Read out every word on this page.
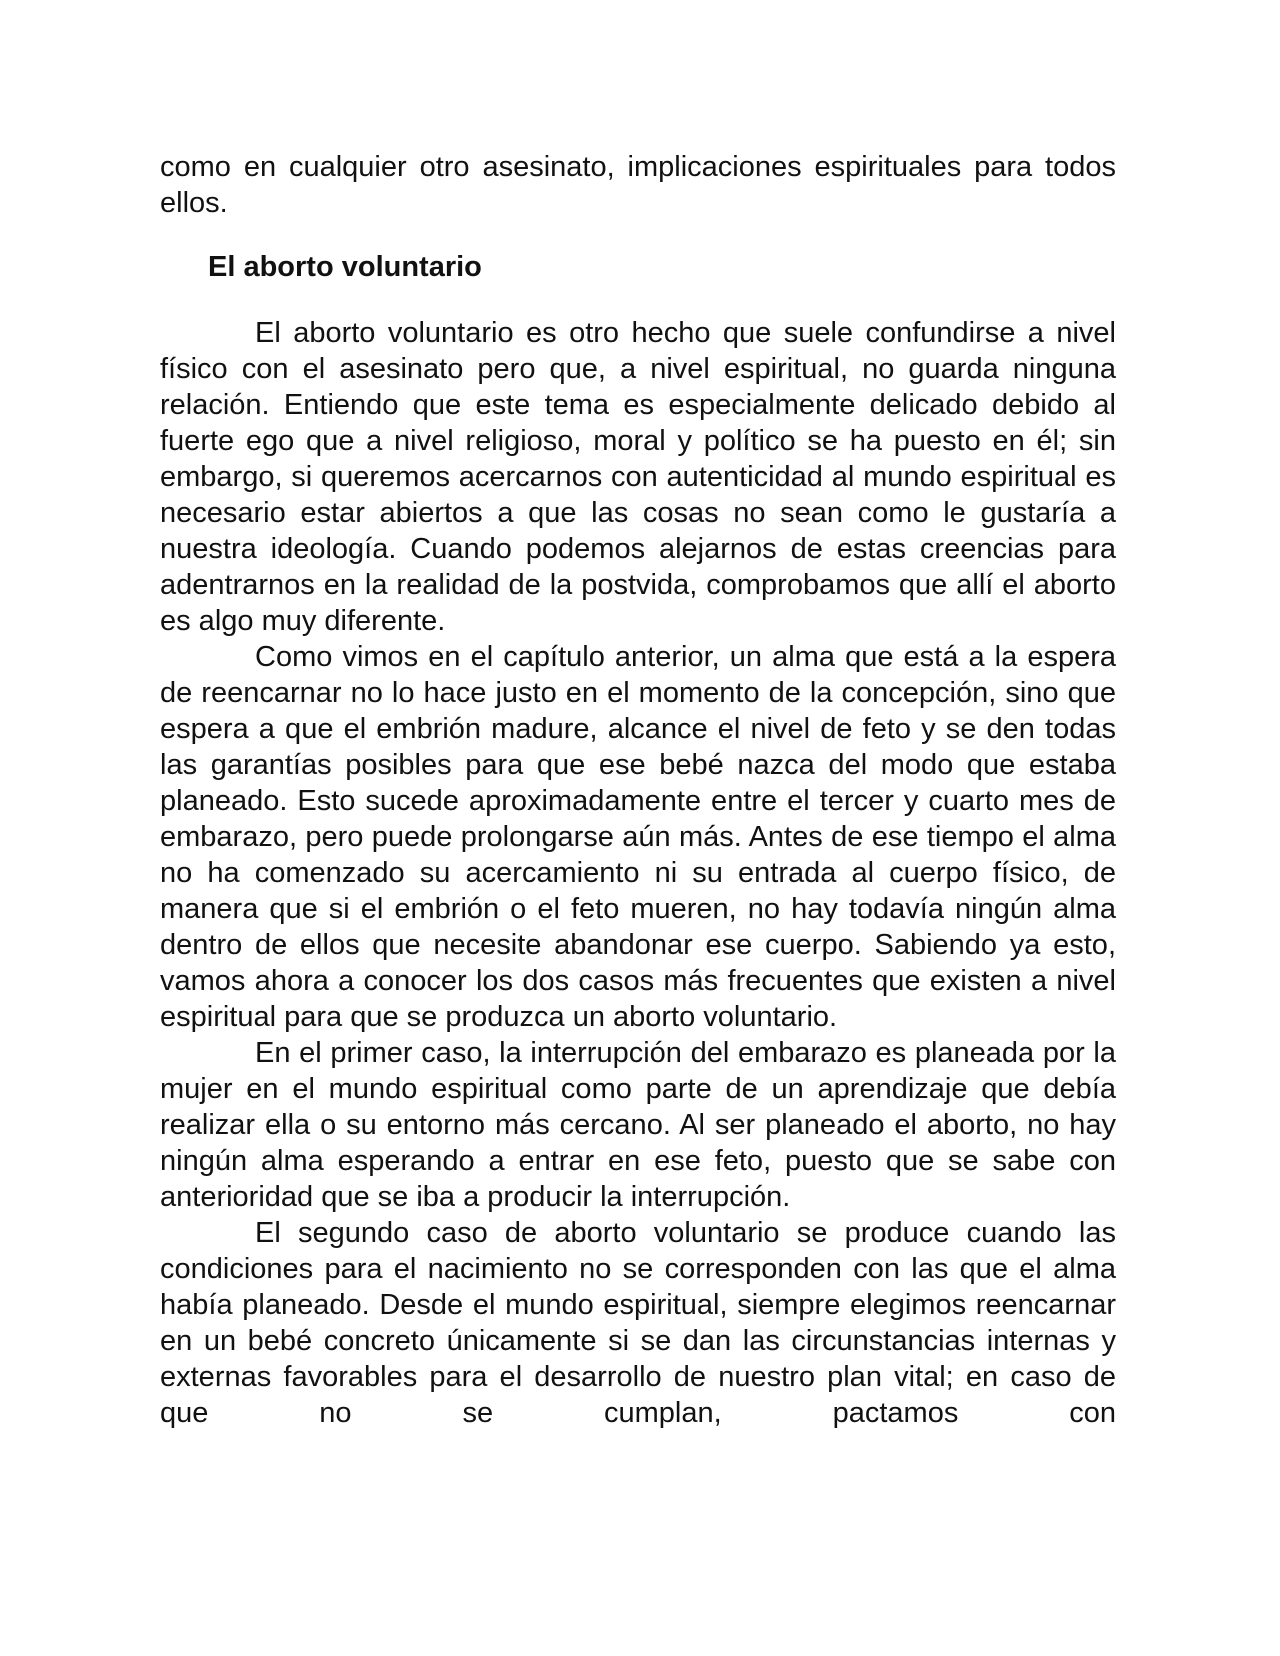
como en cualquier otro asesinato, implicaciones espirituales para todos ellos.

El aborto voluntario

El aborto voluntario es otro hecho que suele confundirse a nivel físico con el asesinato pero que, a nivel espiritual, no guarda ninguna relación. Entiendo que este tema es especialmente delicado debido al fuerte ego que a nivel religioso, moral y político se ha puesto en él; sin embargo, si queremos acercarnos con autenticidad al mundo espiritual es necesario estar abiertos a que las cosas no sean como le gustaría a nuestra ideología. Cuando podemos alejarnos de estas creencias para adentrarnos en la realidad de la postvida, comprobamos que allí el aborto es algo muy diferente.

Como vimos en el capítulo anterior, un alma que está a la espera de reencarnar no lo hace justo en el momento de la concepción, sino que espera a que el embrión madure, alcance el nivel de feto y se den todas las garantías posibles para que ese bebé nazca del modo que estaba planeado. Esto sucede aproximadamente entre el tercer y cuarto mes de embarazo, pero puede prolongarse aún más. Antes de ese tiempo el alma no ha comenzado su acercamiento ni su entrada al cuerpo físico, de manera que si el embrión o el feto mueren, no hay todavía ningún alma dentro de ellos que necesite abandonar ese cuerpo. Sabiendo ya esto, vamos ahora a conocer los dos casos más frecuentes que existen a nivel espiritual para que se produzca un aborto voluntario.

En el primer caso, la interrupción del embarazo es planeada por la mujer en el mundo espiritual como parte de un aprendizaje que debía realizar ella o su entorno más cercano. Al ser planeado el aborto, no hay ningún alma esperando a entrar en ese feto, puesto que se sabe con anterioridad que se iba a producir la interrupción.

El segundo caso de aborto voluntario se produce cuando las condiciones para el nacimiento no se corresponden con las que el alma había planeado. Desde el mundo espiritual, siempre elegimos reencarnar en un bebé concreto únicamente si se dan las circunstancias internas y externas favorables para el desarrollo de nuestro plan vital; en caso de que no se cumplan, pactamos con
